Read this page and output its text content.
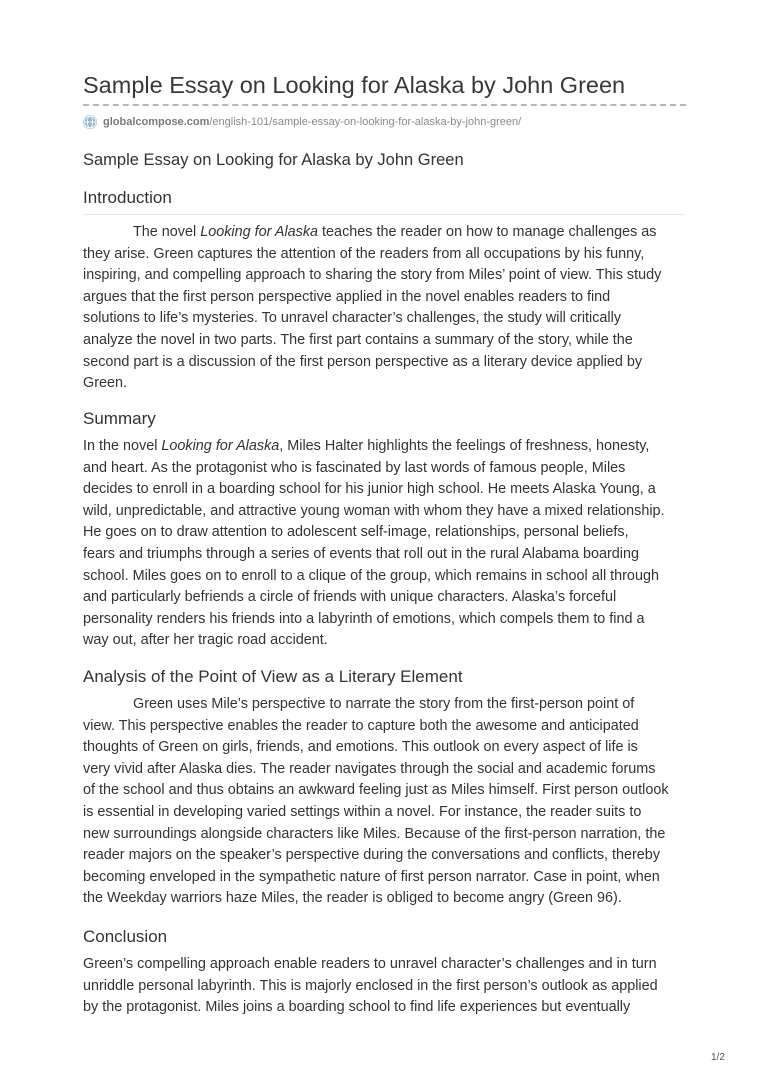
Sample Essay on Looking for Alaska by John Green
globalcompose.com /english-101/sample-essay-on-looking-for-alaska-by-john-green/
Sample Essay on Looking for Alaska by John Green
Introduction
The novel Looking for Alaska teaches the reader on how to manage challenges as
they arise. Green captures the attention of the readers from all occupations by his funny,
inspiring, and compelling approach to sharing the story from Miles’ point of view. This study
argues that the first person perspective applied in the novel enables readers to find
solutions to life’s mysteries. To unravel character’s challenges, the study will critically
analyze the novel in two parts. The first part contains a summary of the story, while the
second part is a discussion of the first person perspective as a literary device applied by
Green.
Summary
In the novel Looking for Alaska, Miles Halter highlights the feelings of freshness, honesty,
and heart. As the protagonist who is fascinated by last words of famous people, Miles
decides to enroll in a boarding school for his junior high school. He meets Alaska Young, a
wild, unpredictable, and attractive young woman with whom they have a mixed relationship.
He goes on to draw attention to adolescent self-image, relationships, personal beliefs,
fears and triumphs through a series of events that roll out in the rural Alabama boarding
school. Miles goes on to enroll to a clique of the group, which remains in school all through
and particularly befriends a circle of friends with unique characters. Alaska’s forceful
personality renders his friends into a labyrinth of emotions, which compels them to find a
way out, after her tragic road accident.
Analysis of the Point of View as a Literary Element
Green uses Mile’s perspective to narrate the story from the first-person point of
view. This perspective enables the reader to capture both the awesome and anticipated
thoughts of Green on girls, friends, and emotions. This outlook on every aspect of life is
very vivid after Alaska dies. The reader navigates through the social and academic forums
of the school and thus obtains an awkward feeling just as Miles himself. First person outlook
is essential in developing varied settings within a novel. For instance, the reader suits to
new surroundings alongside characters like Miles. Because of the first-person narration, the
reader majors on the speaker’s perspective during the conversations and conflicts, thereby
becoming enveloped in the sympathetic nature of first person narrator. Case in point, when
the Weekday warriors haze Miles, the reader is obliged to become angry (Green 96).
Conclusion
Green’s compelling approach enable readers to unravel character’s challenges and in turn
unriddle personal labyrinth. This is majorly enclosed in the first person’s outlook as applied
by the protagonist. Miles joins a boarding school to find life experiences but eventually
1/2
